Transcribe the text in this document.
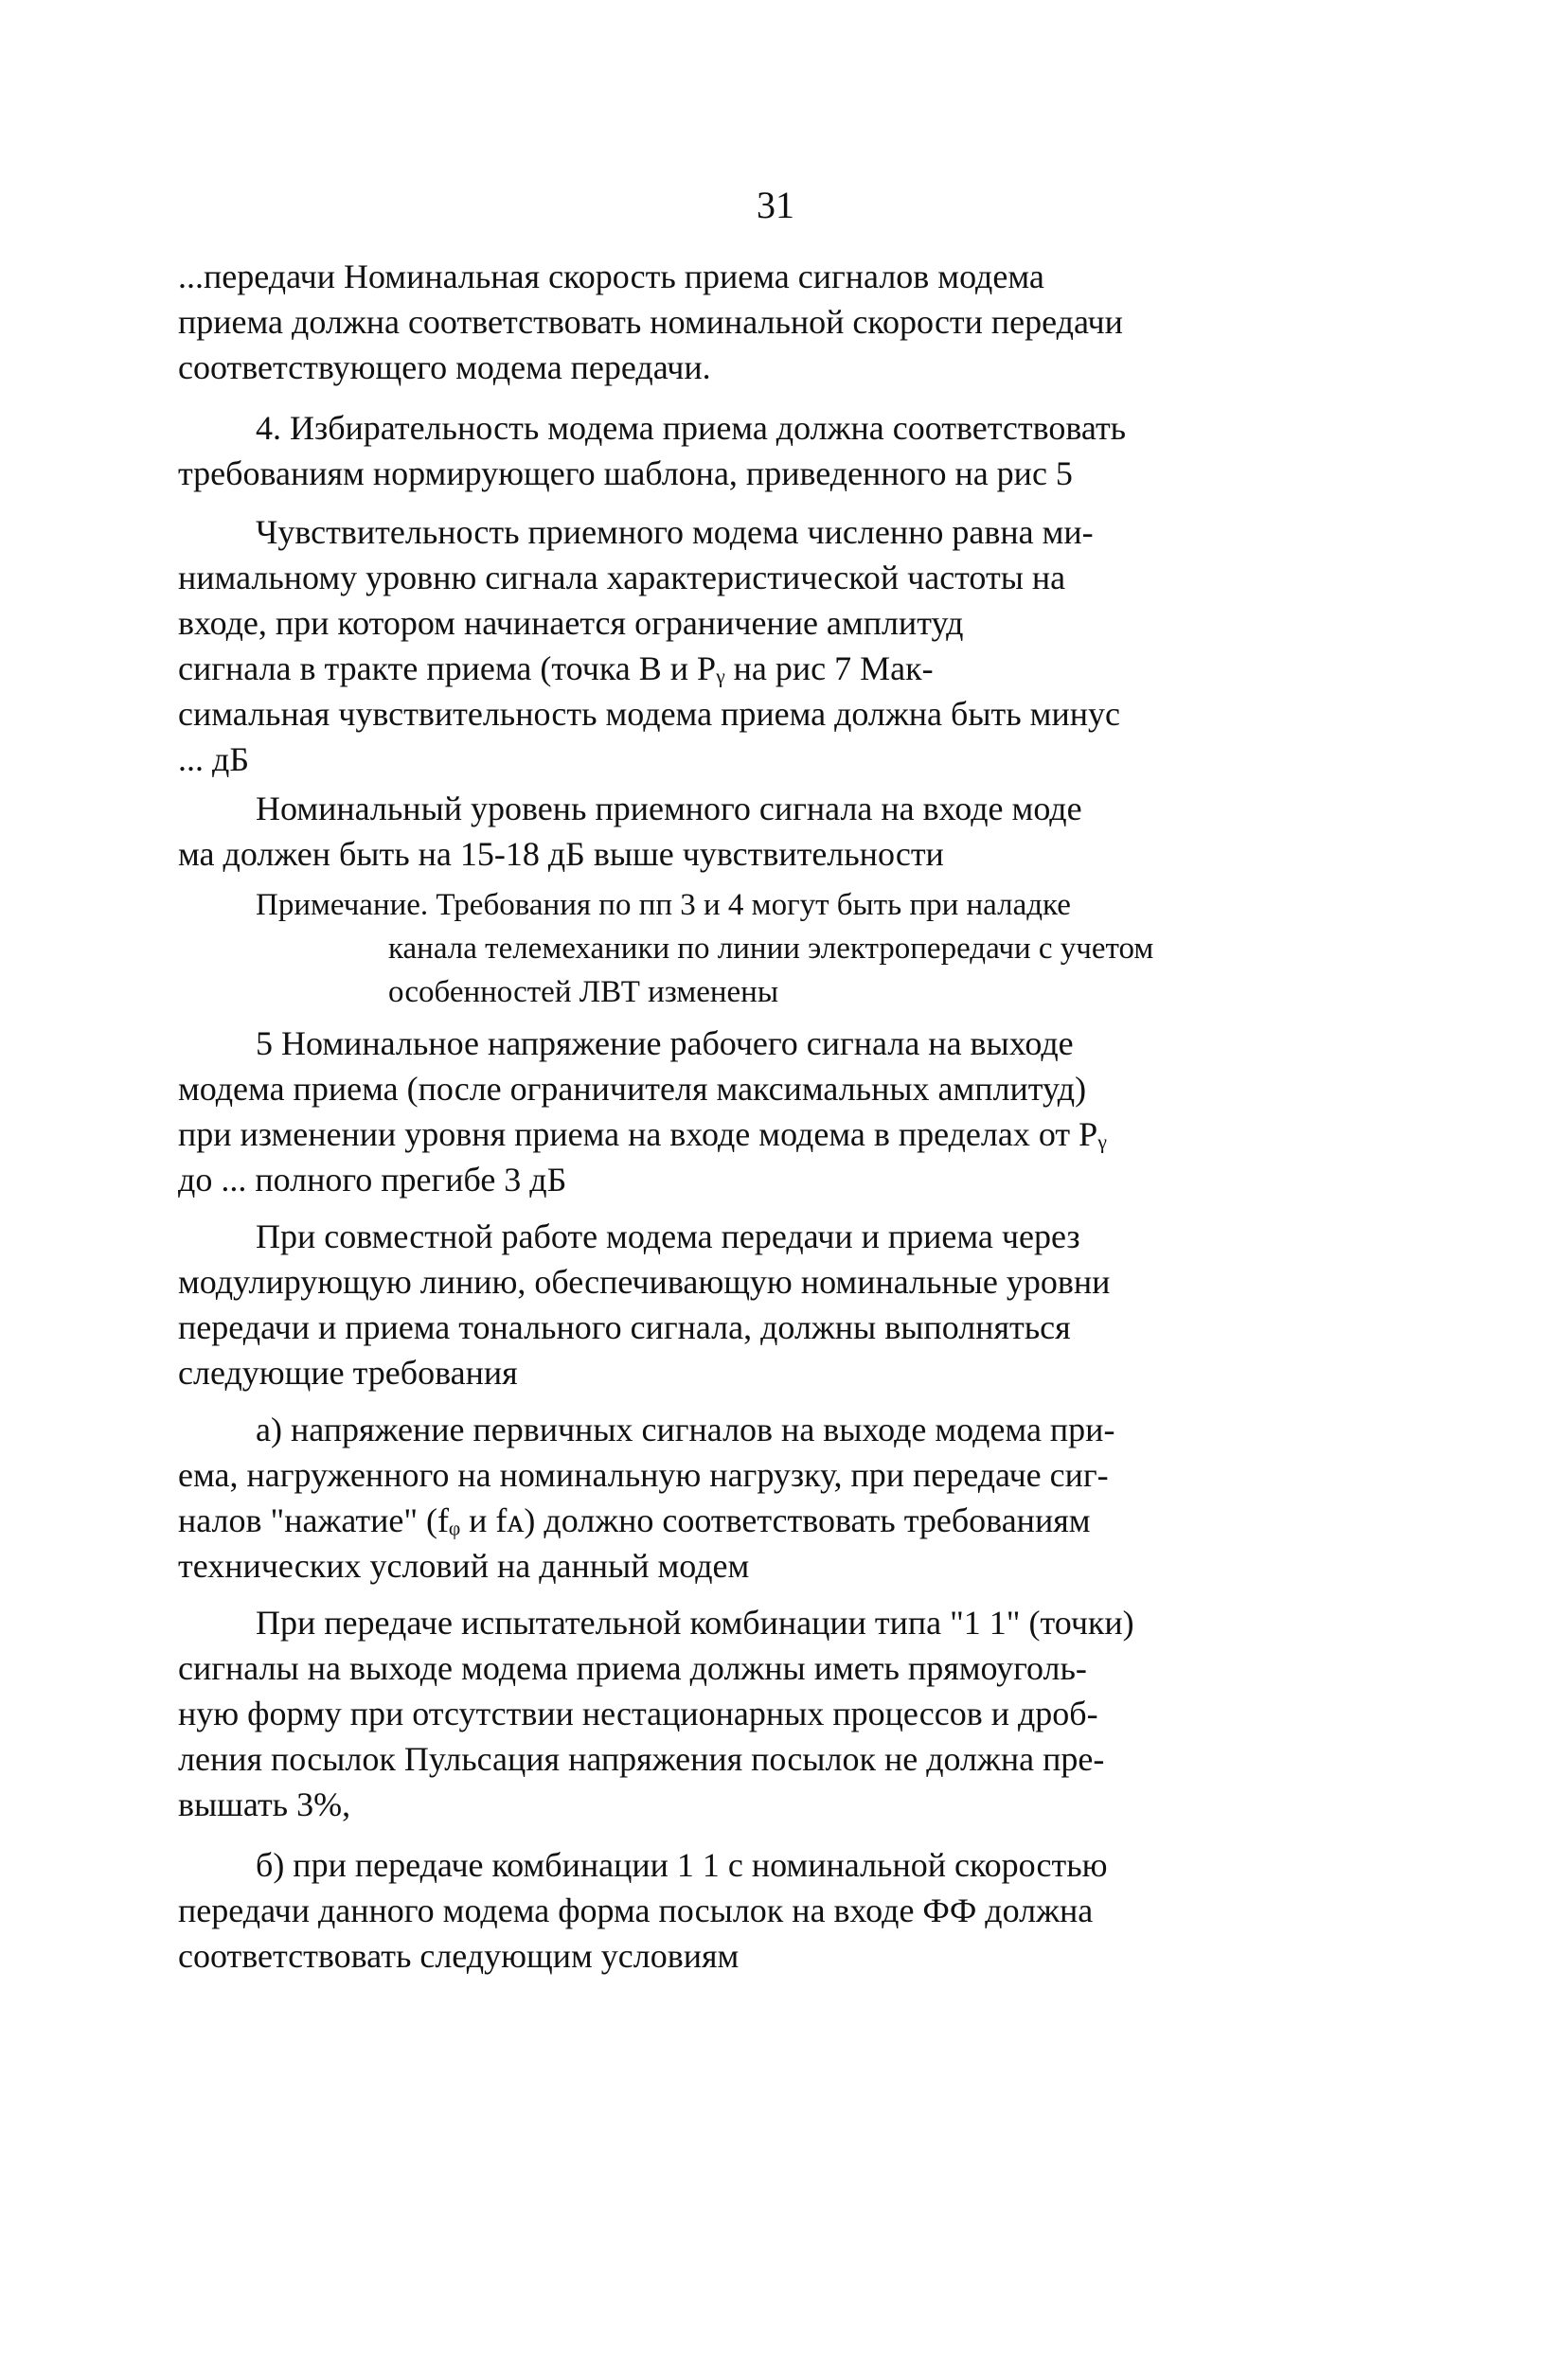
31
...передачи Номинальная скорость приема сигналов модема
приема должна соответствовать номинальной скорости передачи
соответствующего модема передачи.
4. Избирательность модема приема должна соответствовать
требованиям нормирующего шаблона, приведенного на рис 5
Чувствительность приемного модема численно равна ми-
нимальному уровню сигнала характеристической частоты на
входе, при котором начинается ограничение амплитуд
сигнала в тракте приема (точка В и Рᵧ на рис 7 Мак-
симальная чувствительность модема приема должна быть минус
... дБ
Номинальный уровень приемного сигнала на входе моде
ма должен быть на 15-18 дБ выше чувствительности
Примечание. Требования по пп 3 и 4 могут быть при наладке
канала телемеханики по линии электропередачи с учетом
особенностей ЛВТ изменены
5 Номинальное напряжение рабочего сигнала на выходе
модема приема (после ограничителя максимальных амплитуд)
при изменении уровня приема на входе модема в пределах от Рᵧ
до ... полного прегибе 3 дБ
При совместной работе модема передачи и приема через
модулирующую линию, обеспечивающую номинальные уровни
передачи и приема тонального сигнала, должны выполняться
следующие требования
а) напряжение первичных сигналов на выходе модема при-
ема, нагруженного на номинальную нагрузку, при передаче сиг-
налов "нажатие" (fᵩ и fᴀ) должно соответствовать требованиям
технических условий на данный модем
При передаче испытательной комбинации типа "1 1" (точки)
сигналы на выходе модема приема должны иметь прямоуголь-
ную форму при отсутствии нестационарных процессов и дроб-
ления посылок Пульсация напряжения посылок не должна пре-
вышать 3%,
б) при передаче комбинации 1 1 с номинальной скоростью
передачи данного модема форма посылок на входе ФФ должна
соответствовать следующим условиям
